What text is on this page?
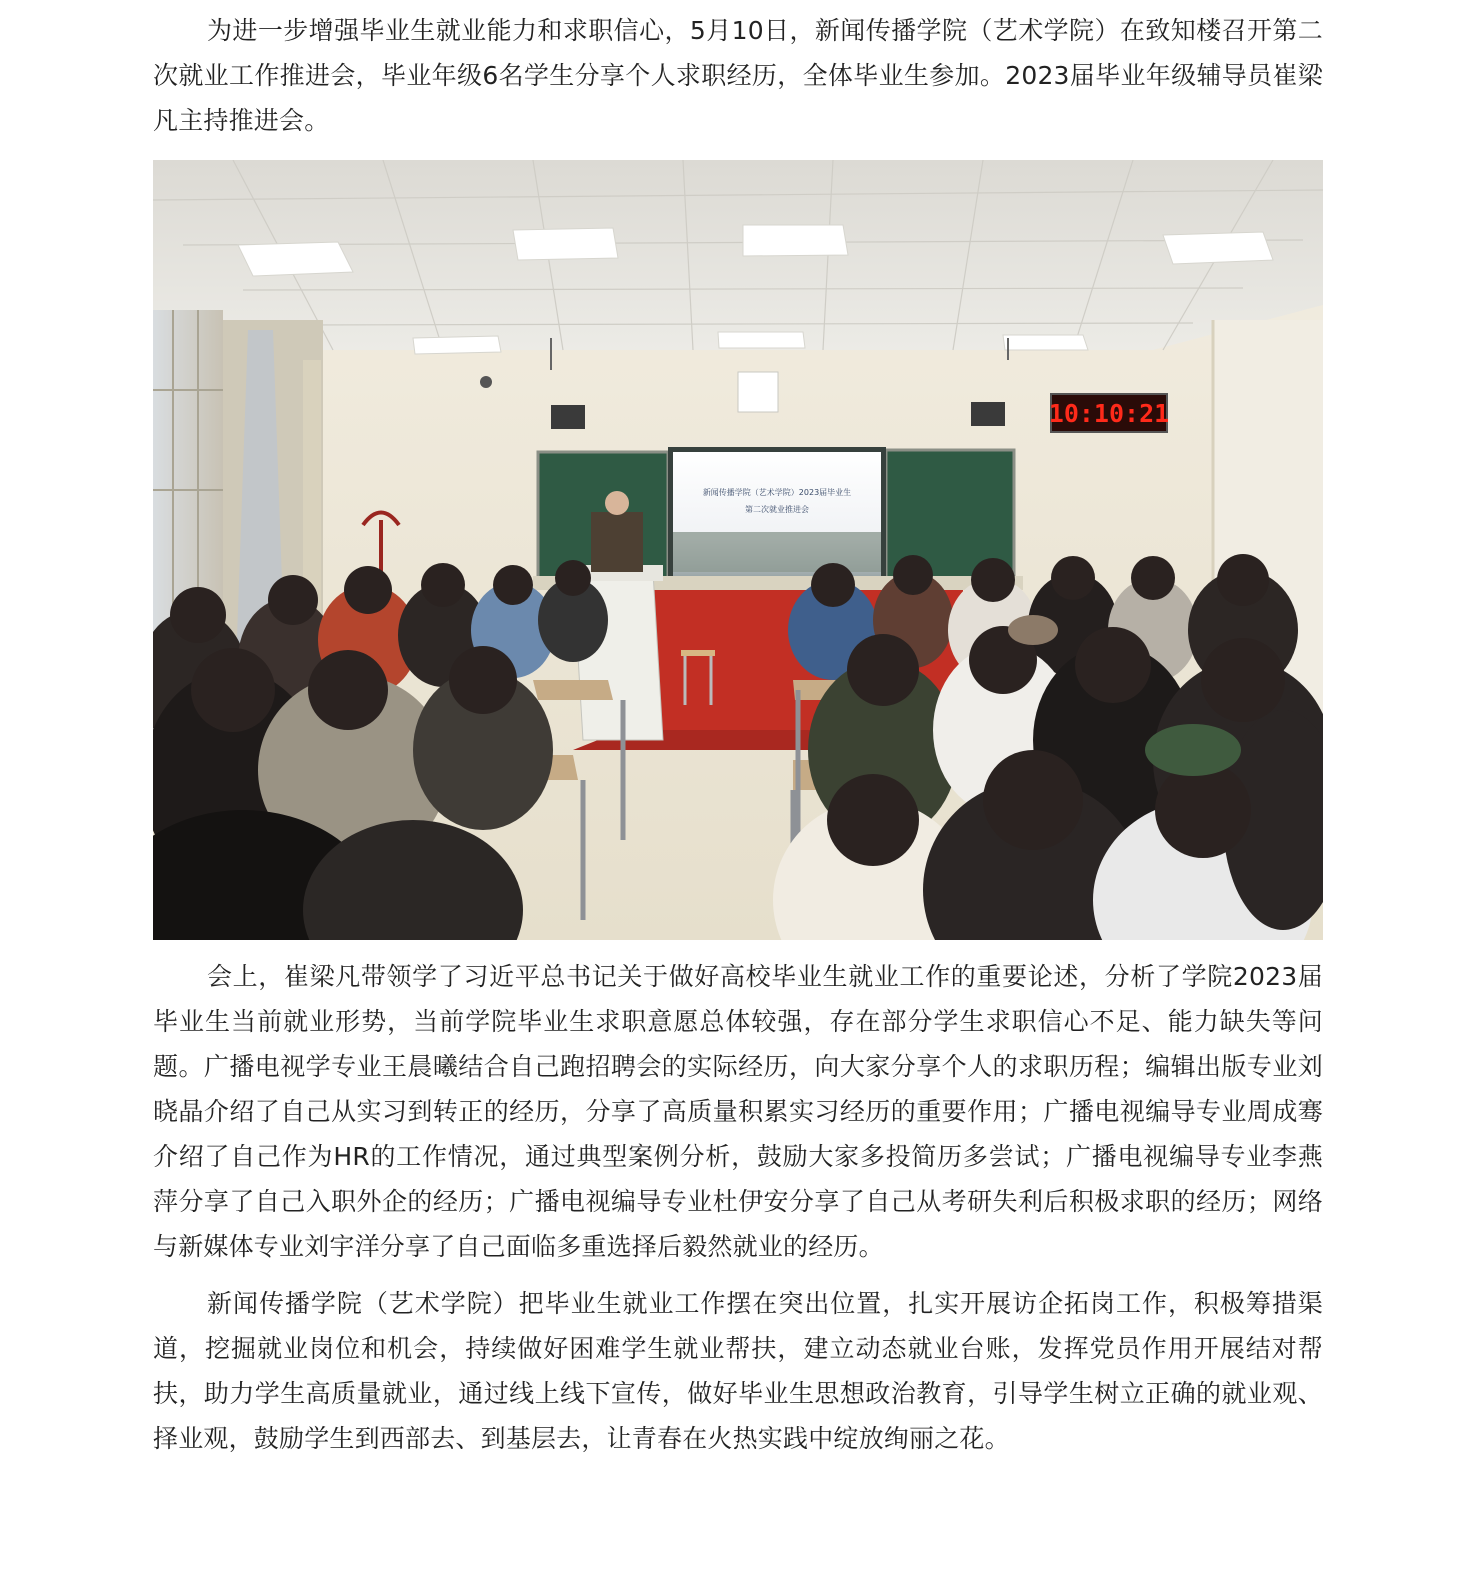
为进一步增强毕业生就业能力和求职信心，5月10日，新闻传播学院（艺术学院）在致知楼召开第二次就业工作推进会，毕业年级6名学生分享个人求职经历，全体毕业生参加。2023届毕业年级辅导员崔梁凡主持推进会。

10:10:21
新闻传播学院（艺术学院）2023届毕业生
第二次就业推进会

会上，崔梁凡带领学了习近平总书记关于做好高校毕业生就业工作的重要论述，分析了学院2023届毕业生当前就业形势，当前学院毕业生求职意愿总体较强，存在部分学生求职信心不足、能力缺失等问题。广播电视学专业王晨曦结合自己跑招聘会的实际经历，向大家分享个人的求职历程；编辑出版专业刘晓晶介绍了自己从实习到转正的经历，分享了高质量积累实习经历的重要作用；广播电视编导专业周成骞介绍了自己作为HR的工作情况，通过典型案例分析，鼓励大家多投简历多尝试；广播电视编导专业李燕萍分享了自己入职外企的经历；广播电视编导专业杜伊安分享了自己从考研失利后积极求职的经历；网络与新媒体专业刘宇洋分享了自己面临多重选择后毅然就业的经历。

新闻传播学院（艺术学院）把毕业生就业工作摆在突出位置，扎实开展访企拓岗工作，积极筹措渠道，挖掘就业岗位和机会，持续做好困难学生就业帮扶，建立动态就业台账，发挥党员作用开展结对帮扶，助力学生高质量就业，通过线上线下宣传，做好毕业生思想政治教育，引导学生树立正确的就业观、择业观，鼓励学生到西部去、到基层去，让青春在火热实践中绽放绚丽之花。
